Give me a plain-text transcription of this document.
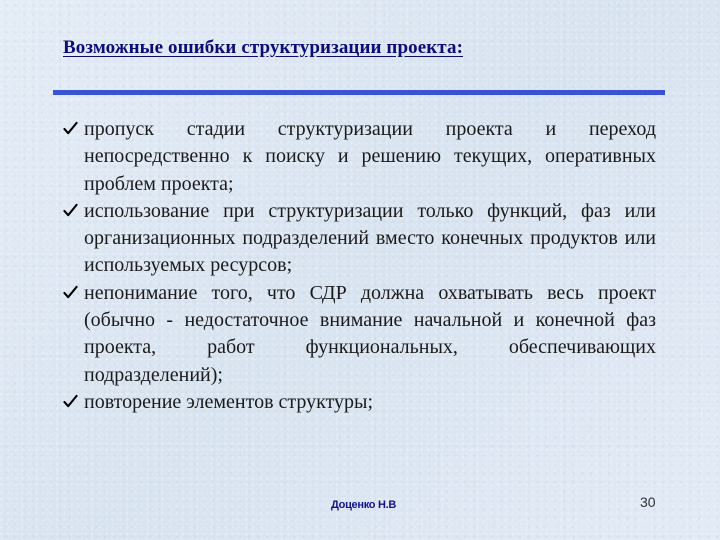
Возможные ошибки структуризации проекта:
пропуск стадии структуризации проекта и переход непосредственно к поиску и решению текущих, оперативных проблем проекта;
использование при структуризации только функций, фаз или организационных подразделений вместо конечных продуктов или используемых ресурсов;
непонимание того, что СДР должна охватывать весь проект (обычно - недостаточное внимание начальной и конечной фаз проекта, работ функциональных, обеспечивающих подразделений);
повторение элементов структуры;
Доценко Н.В	30
